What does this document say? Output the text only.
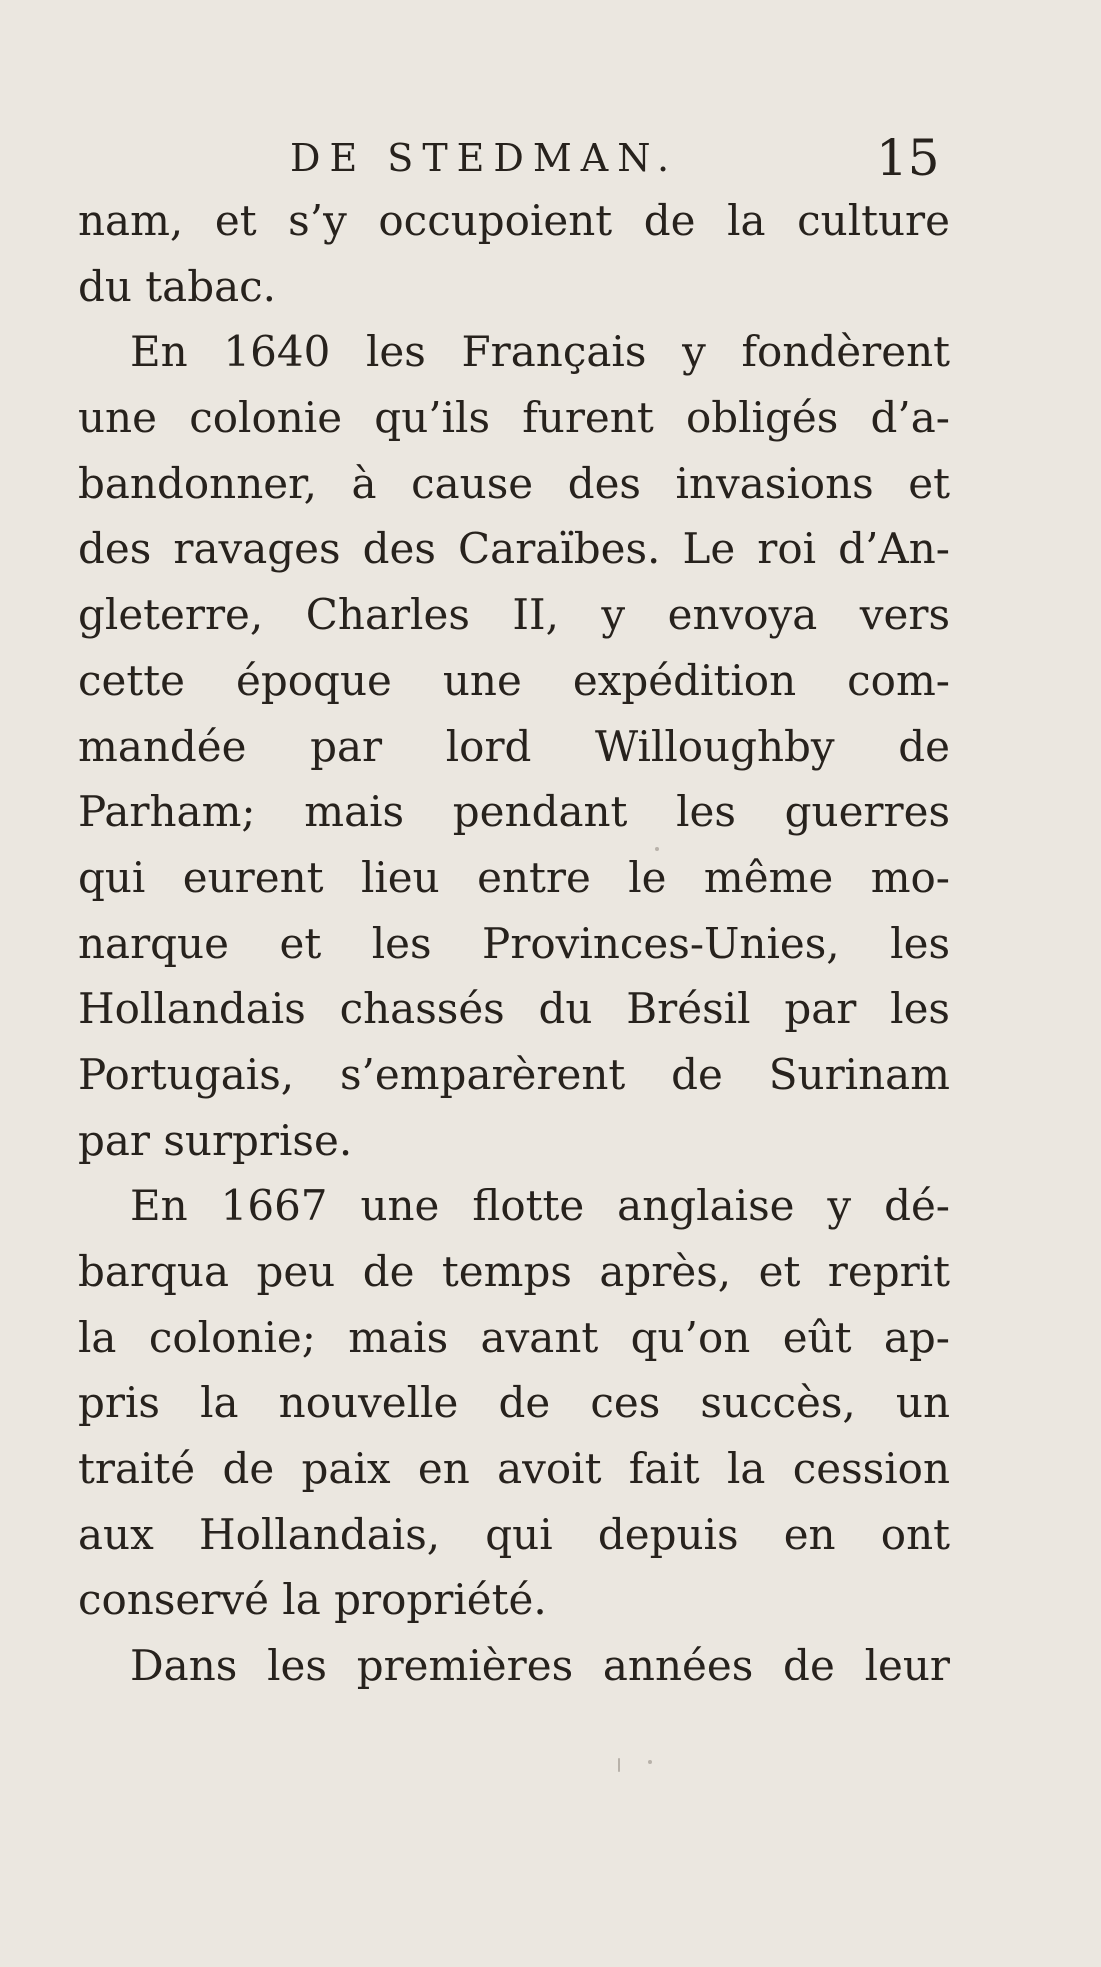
DE STEDMAN.	15
nam, et s’y occupoient de la culture
du tabac.
En 1640 les Français y fondèrent
une colonie qu’ils furent obligés d’a-
bandonner, à cause des invasions et
des ravages des Caraïbes. Le roi d’An-
gleterre, Charles II, y envoya vers
cette époque une expédition com-
mandée par lord Willoughby de
Parham; mais pendant les guerres
qui eurent lieu entre le même mo-
narque et les Provinces-Unies, les
Hollandais chassés du Brésil par les
Portugais, s’emparèrent de Surinam
par surprise.
En 1667 une flotte anglaise y dé-
barqua peu de temps après, et reprit
la colonie; mais avant qu’on eût ap-
pris la nouvelle de ces succès, un
traité de paix en avoit fait la cession
aux Hollandais, qui depuis en ont
conservé la propriété.
Dans les premières années de leur
